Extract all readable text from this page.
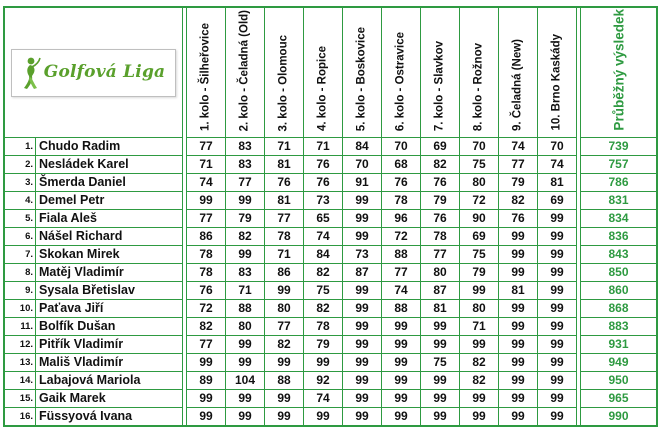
Golfová Liga			1. kolo - Šilheřovice	2. kolo - Čeladná (Old)	3. kolo - Olomouc	4. kolo - Ropice	5. kolo - Boskovice	6. kolo - Ostravice	7. kolo - Slavkov	8. kolo - Rožnov	9. Čeladná (New)	10. Brno Kaskády		Průběžný výsledek

1.	Chudo Radim		77	83	71	71	84	70	69	70	74	70		739
2.	Nesládek Karel		71	83	81	76	70	68	82	75	77	74		757
3.	Šmerda Daniel		74	77	76	76	91	76	76	80	79	81		786
4.	Demel Petr		99	99	81	73	99	78	79	72	82	69		831
5.	Fiala Aleš		77	79	77	65	99	96	76	90	76	99		834
6.	Nášel Richard		86	82	78	74	99	72	78	69	99	99		836
7.	Skokan Mirek		78	99	71	84	73	88	77	75	99	99		843
8.	Matěj Vladimír		78	83	86	82	87	77	80	79	99	99		850
9.	Sysala Břetislav		76	71	99	75	99	74	87	99	81	99		860
10.	Paťava Jiří		72	88	80	82	99	88	81	80	99	99		868
11.	Bolfík Dušan		82	80	77	78	99	99	99	71	99	99		883
12.	Pitřík Vladimír		77	99	82	79	99	99	99	99	99	99		931
13.	Mališ Vladimír		99	99	99	99	99	99	75	82	99	99		949
14.	Labajová Mariola		89	104	88	92	99	99	99	82	99	99		950
15.	Gaik Marek		99	99	99	74	99	99	99	99	99	99		965
16.	Füssyová Ivana		99	99	99	99	99	99	99	99	99	99		990
